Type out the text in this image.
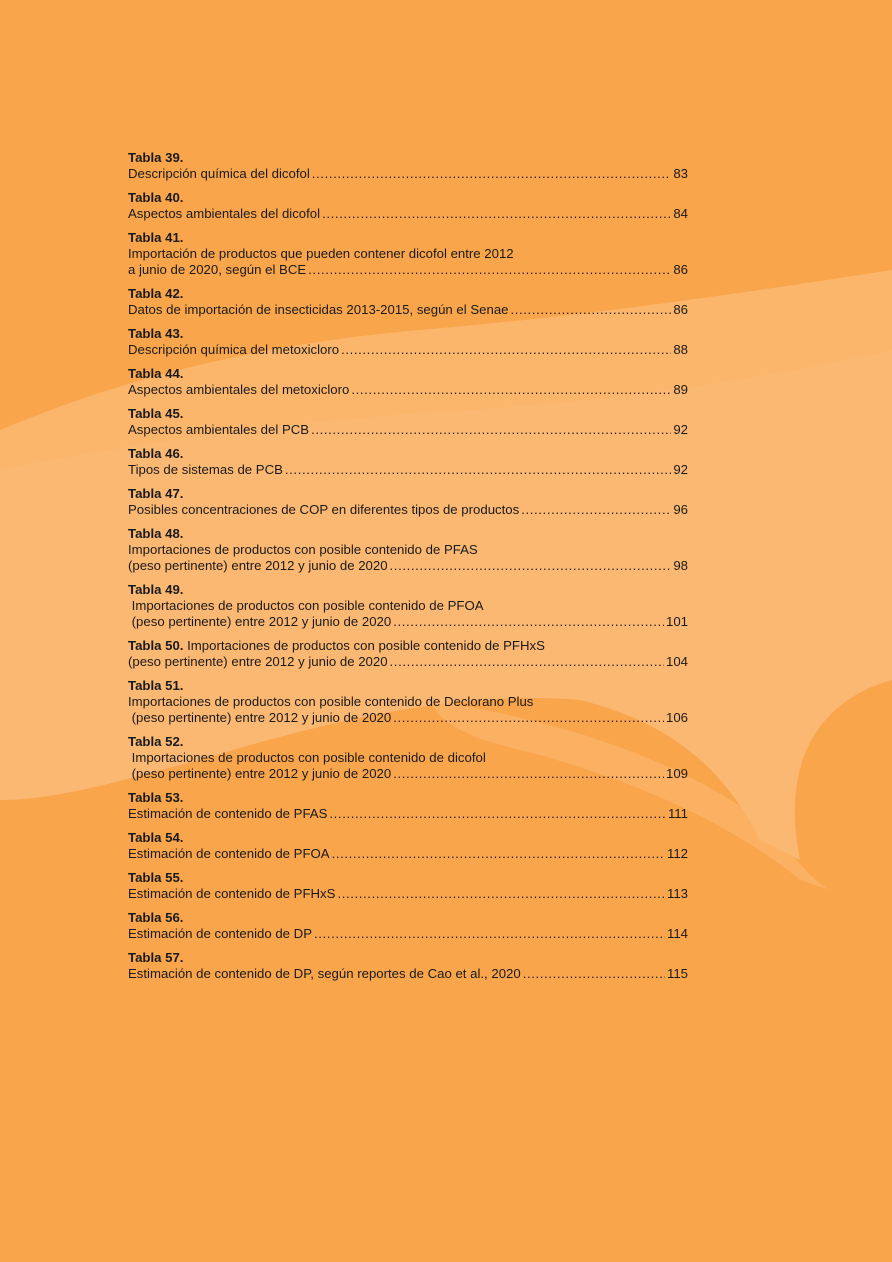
Tabla 39.
Descripción química del dicofol .....	83
Tabla 40.
Aspectos ambientales del dicofol .....	84
Tabla 41.
Importación de productos que pueden contener dicofol entre 2012
a junio de 2020, según el BCE .....	86
Tabla 42.
Datos de importación de insecticidas 2013-2015, según el Senae .....	86
Tabla 43.
Descripción química del metoxicloro .....	88
Tabla 44.
Aspectos ambientales del metoxicloro .....	89
Tabla 45.
Aspectos ambientales del PCB .....	92
Tabla 46.
Tipos de sistemas de PCB .....	92
Tabla 47.
Posibles concentraciones de COP en diferentes tipos de productos .....	96
Tabla 48.
Importaciones de productos con posible contenido de PFAS
(peso pertinente) entre 2012 y junio de 2020 .....	98
Tabla 49.
Importaciones de productos con posible contenido de PFOA
(peso pertinente) entre 2012 y junio de 2020 .....	101
Tabla 50. Importaciones de productos con posible contenido de PFHxS
(peso pertinente) entre 2012 y junio de 2020 .....	104
Tabla 51.
Importaciones de productos con posible contenido de Declorano Plus
(peso pertinente) entre 2012 y junio de 2020 .....	106
Tabla 52.
Importaciones de productos con posible contenido de dicofol
(peso pertinente) entre 2012 y junio de 2020 .....	109
Tabla 53.
Estimación de contenido de PFAS .....	111
Tabla 54.
Estimación de contenido de PFOA .....	112
Tabla 55.
Estimación de contenido de PFHxS .....	113
Tabla 56.
Estimación de contenido de DP .....	114
Tabla 57.
Estimación de contenido de DP, según reportes de Cao et al., 2020 .....	115
